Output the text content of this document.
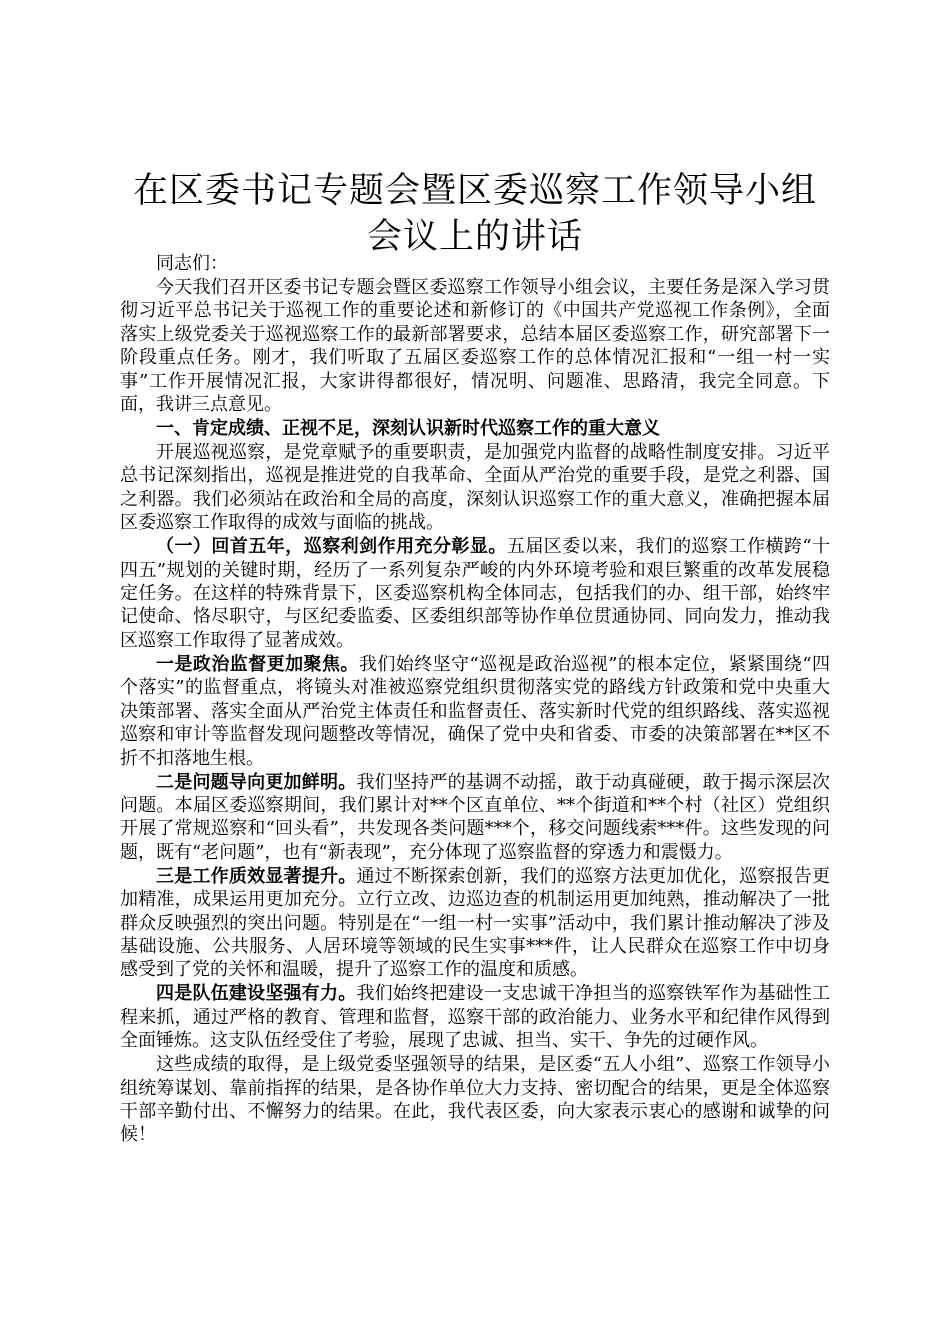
在区委书记专题会暨区委巡察工作领导小组会议上的讲话

同志们：

今天我们召开区委书记专题会暨区委巡察工作领导小组会议，主要任务是深入学习贯彻习近平总书记关于巡视工作的重要论述和新修订的《中国共产党巡视工作条例》，全面落实上级党委关于巡视巡察工作的最新部署要求，总结本届区委巡察工作，研究部署下一阶段重点任务。刚才，我们听取了五届区委巡察工作的总体情况汇报和“一组一村一实事”工作开展情况汇报，大家讲得都很好，情况明、问题准、思路清，我完全同意。下面，我讲三点意见。

一、肯定成绩、正视不足，深刻认识新时代巡察工作的重大意义

开展巡视巡察，是党章赋予的重要职责，是加强党内监督的战略性制度安排。习近平总书记深刻指出，巡视是推进党的自我革命、全面从严治党的重要手段，是党之利器、国之利器。我们必须站在政治和全局的高度，深刻认识巡察工作的重大意义，准确把握本届区委巡察工作取得的成效与面临的挑战。

（一）回首五年，巡察利剑作用充分彰显。五届区委以来，我们的巡察工作横跨“十四五”规划的关键时期，经历了一系列复杂严峻的内外环境考验和艰巨繁重的改革发展稳定任务。在这样的特殊背景下，区委巡察机构全体同志，包括我们的办、组干部，始终牢记使命、恪尽职守，与区纪委监委、区委组织部等协作单位贯通协同、同向发力，推动我区巡察工作取得了显著成效。

一是政治监督更加聚焦。我们始终坚守“巡视是政治巡视”的根本定位，紧紧围绕“四个落实”的监督重点，将镜头对准被巡察党组织贯彻落实党的路线方针政策和党中央重大决策部署、落实全面从严治党主体责任和监督责任、落实新时代党的组织路线、落实巡视巡察和审计等监督发现问题整改等情况，确保了党中央和省委、市委的决策部署在**区不折不扣落地生根。

二是问题导向更加鲜明。我们坚持严的基调不动摇，敢于动真碰硬，敢于揭示深层次问题。本届区委巡察期间，我们累计对**个区直单位、**个街道和**个村（社区）党组织开展了常规巡察和“回头看”，共发现各类问题***个，移交问题线索***件。这些发现的问题，既有“老问题”，也有“新表现”，充分体现了巡察监督的穿透力和震慑力。

三是工作质效显著提升。通过不断探索创新，我们的巡察方法更加优化，巡察报告更加精准，成果运用更加充分。立行立改、边巡边查的机制运用更加纯熟，推动解决了一批群众反映强烈的突出问题。特别是在“一组一村一实事”活动中，我们累计推动解决了涉及基础设施、公共服务、人居环境等领域的民生实事***件，让人民群众在巡察工作中切身感受到了党的关怀和温暖，提升了巡察工作的温度和质感。

四是队伍建设坚强有力。我们始终把建设一支忠诚干净担当的巡察铁军作为基础性工程来抓，通过严格的教育、管理和监督，巡察干部的政治能力、业务水平和纪律作风得到全面锤炼。这支队伍经受住了考验，展现了忠诚、担当、实干、争先的过硬作风。

这些成绩的取得，是上级党委坚强领导的结果，是区委“五人小组”、巡察工作领导小组统筹谋划、靠前指挥的结果，是各协作单位大力支持、密切配合的结果，更是全体巡察干部辛勤付出、不懈努力的结果。在此，我代表区委，向大家表示衷心的感谢和诚挚的问候！
